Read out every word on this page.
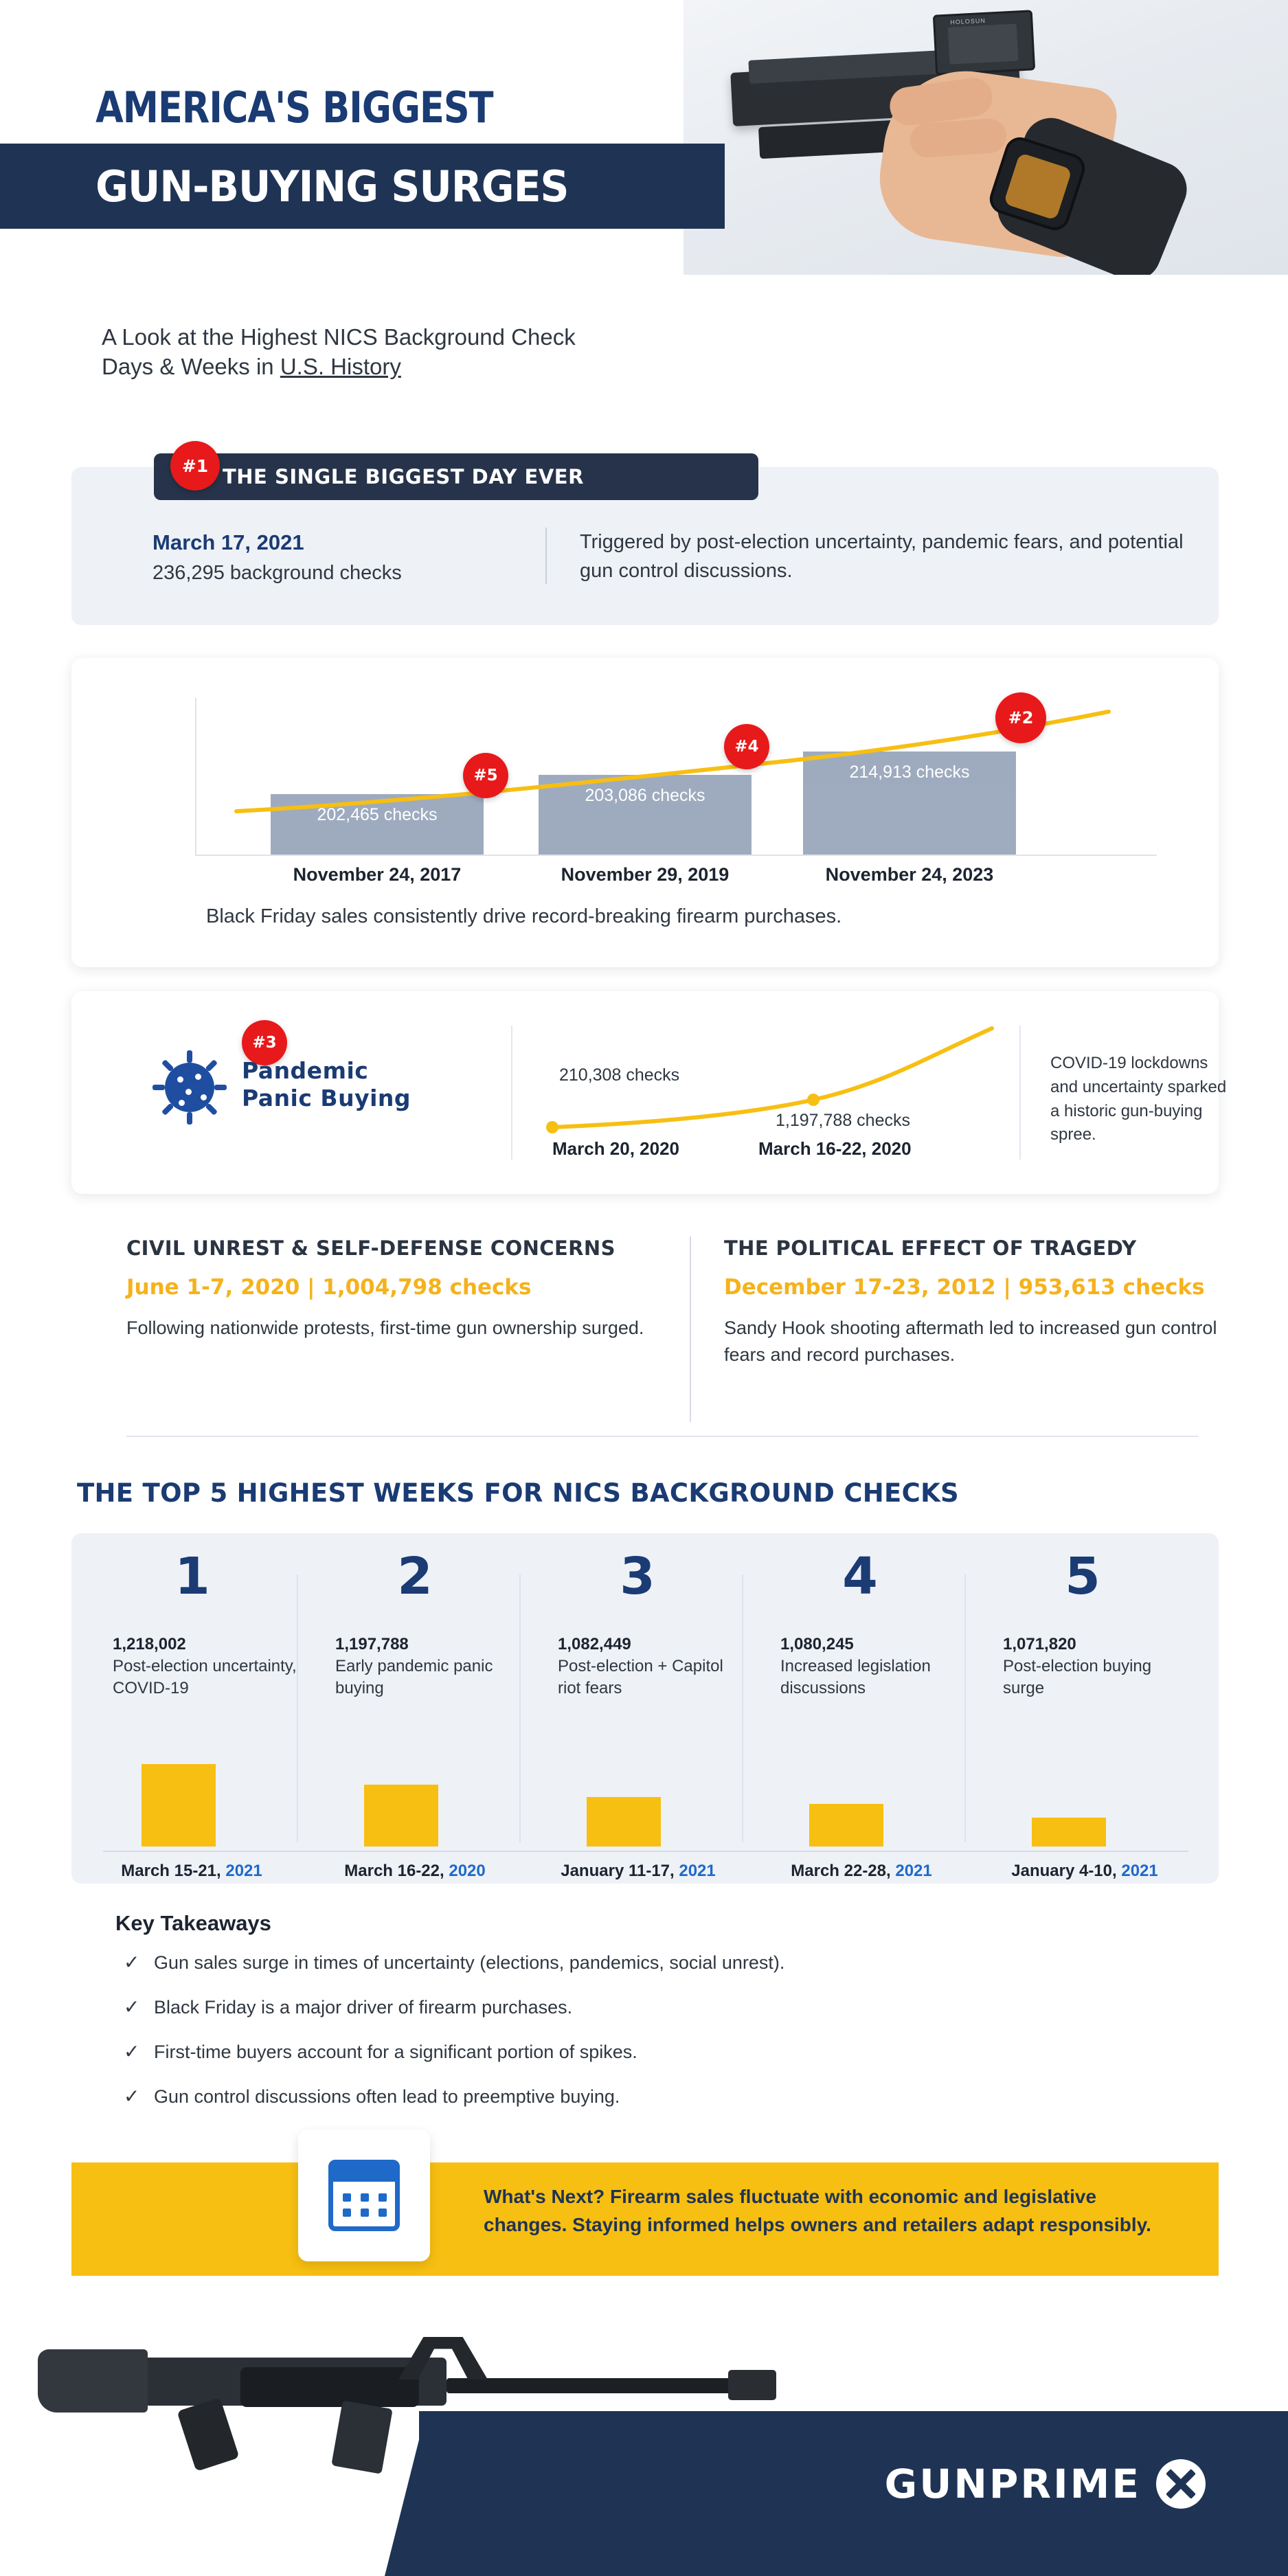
HOLOSUN
AMERICA'S BIGGEST
GUN-BUYING SURGES
A Look at the Highest NICS Background Check
Days & Weeks in U.S. History
THE SINGLE BIGGEST DAY EVER
#1
March 17, 2021
236,295 background checks
Triggered by post-election uncertainty, pandemic fears, and potential gun control discussions.
202,465 checks
203,086 checks
214,913 checks
#5
#4
#2
November 24, 2017	November 29, 2019	November 24, 2023
Black Friday sales consistently drive record-breaking firearm purchases.
#3
Pandemic
Panic Buying
210,308 checks
1,197,788 checks
March 20, 2020	March 16-22, 2020
COVID-19 lockdowns and uncertainty sparked a historic gun-buying spree.
CIVIL UNREST & SELF-DEFENSE CONCERNS
June 1-7, 2020 | 1,004,798 checks
Following nationwide protests, first-time gun ownership surged.
THE POLITICAL EFFECT OF TRAGEDY
December 17-23, 2012 | 953,613 checks
Sandy Hook shooting aftermath led to increased gun control fears and record purchases.
THE TOP 5 HIGHEST WEEKS FOR NICS BACKGROUND CHECKS
1
1,218,002
Post-election uncertainty, COVID-19
2
1,197,788
Early pandemic panic buying
3
1,082,449
Post-election + Capitol riot fears
4
1,080,245
Increased legislation discussions
5
1,071,820
Post-election buying surge
March 15-21, 2021	March 16-22, 2020	January 11-17, 2021	March 22-28, 2021	January 4-10, 2021
Key Takeaways
✓ Gun sales surge in times of uncertainty (elections, pandemics, social unrest).
✓ Black Friday is a major driver of firearm purchases.
✓ First-time buyers account for a significant portion of spikes.
✓ Gun control discussions often lead to preemptive buying.
What's Next? Firearm sales fluctuate with economic and legislative changes. Staying informed helps owners and retailers adapt responsibly.
GUNPRIME
